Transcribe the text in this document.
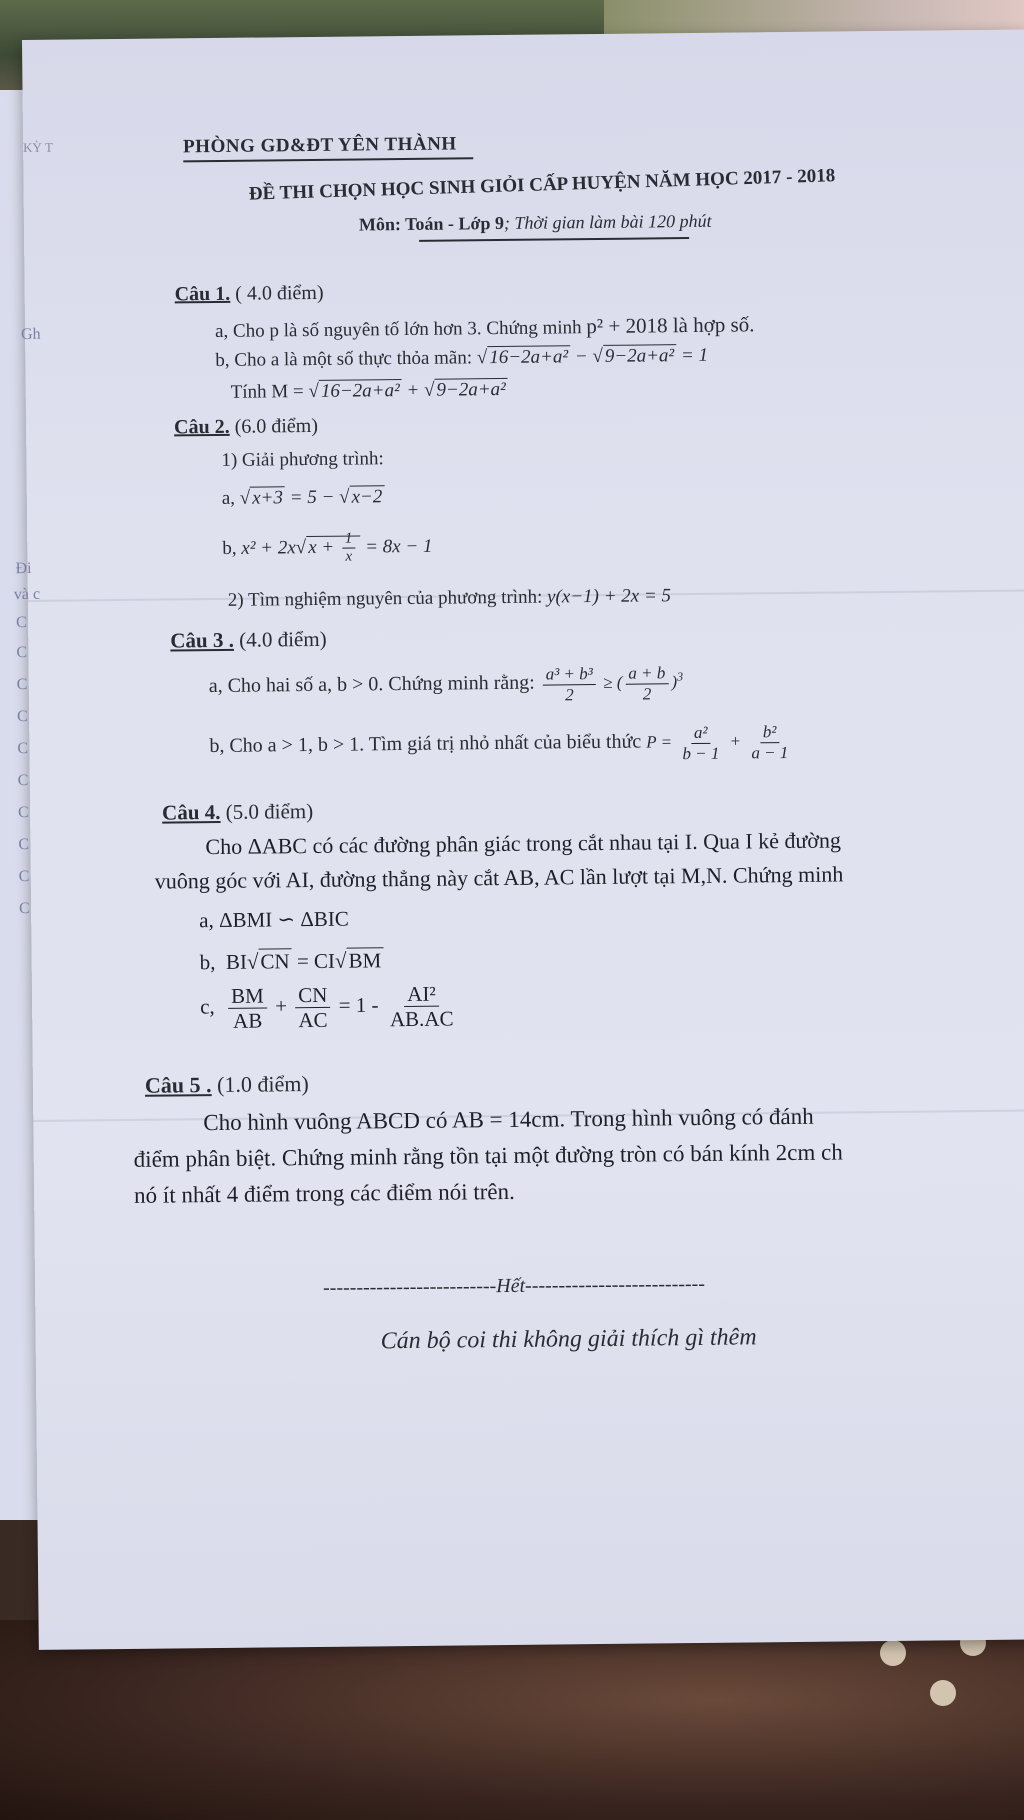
KỲ T
Gh
Đi
và c
C
C
C
C
C
C
C
C
C
C
PHÒNG GD&ĐT YÊN THÀNH
ĐỀ THI CHỌN HỌC SINH GIỎI CẤP HUYỆN NĂM HỌC 2017 - 2018
Môn: Toán - Lớp 9; Thời gian làm bài 120 phút
Câu 1. ( 4.0 điểm)
a, Cho p là số nguyên tố lớn hơn 3. Chứng minh p² + 2018 là hợp số.
b, Cho a là một số thực thỏa mãn: √16−2a+a² − √9−2a+a² = 1
Tính M = √16−2a+a² + √9−2a+a²
Câu 2. (6.0 điểm)
1) Giải phương trình:
a, √x+3 = 5 − √x−2
b, $x^2 + 2x√x + \frac{1}{x} = 8x - 1$
2) Tìm nghiệm nguyên của phương trình: y(x−1) + 2x = 5
Câu 3 . (4.0 điểm)
a, Cho hai số a, b > 0. Chứng minh rằng: $\frac{\text{a³ + b³}}{2}$ ≥ ( $\frac{a + b}{2} )^3$
b, Cho a > 1, b > 1. Tìm giá trị nhỏ nhất của biểu thức $P = \frac{\text{a²}}{b - 1} + \frac{\text{b²}}{a - 1}$
Câu 4. (5.0 điểm)
Cho ΔABC có các đường phân giác trong cắt nhau tại I. Qua I kẻ đường
vuông góc với AI, đường thẳng này cắt AB, AC lần lượt tại M,N. Chứng minh
a, ΔBMI ∽ ΔBIC
b, BI√CN = CI√BM
c, $\frac{BM}{AB} + \frac{CN}{AC} = 1 - \frac{\text{AI²}}{AB.AC}$
Câu 5 . (1.0 điểm)
Cho hình vuông ABCD có AB = 14cm. Trong hình vuông có đánh
điểm phân biệt. Chứng minh rằng tồn tại một đường tròn có bán kính 2cm ch
nó ít nhất 4 điểm trong các điểm nói trên.
--------------------------Hết---------------------------
Cán bộ coi thi không giải thích gì thêm
